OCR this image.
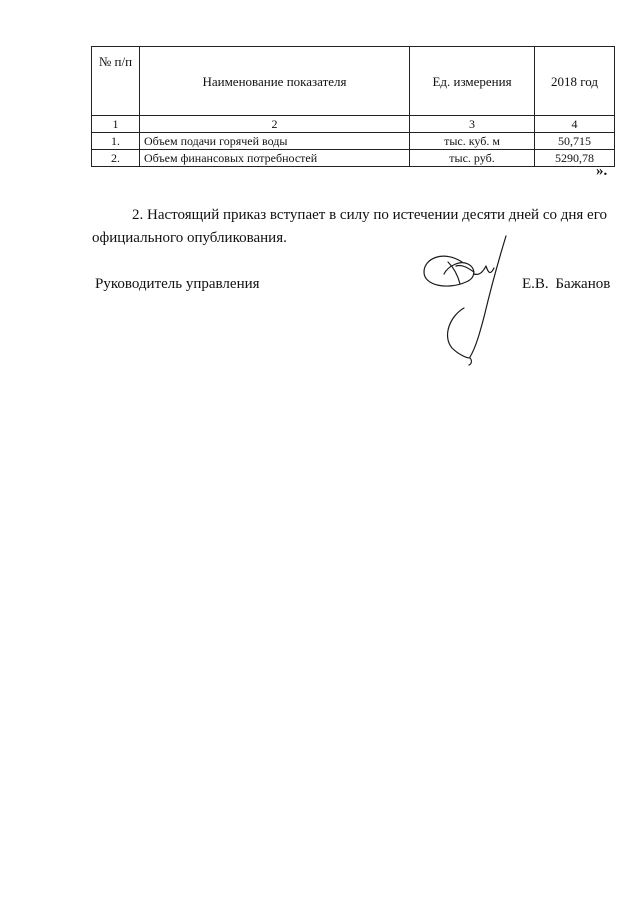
№ п/п	Наименование показателя	Ед. измерения	2018 год
1	2	3	4
1.	Объем подачи горячей воды	тыс. куб. м	50,715
2.	Объем финансовых потребностей	тыс. руб.	5290,78
».

2. Настоящий приказ вступает в силу по истечении десяти дней со дня его официального опубликования.

Руководитель управления	Е.В. Бажанов
